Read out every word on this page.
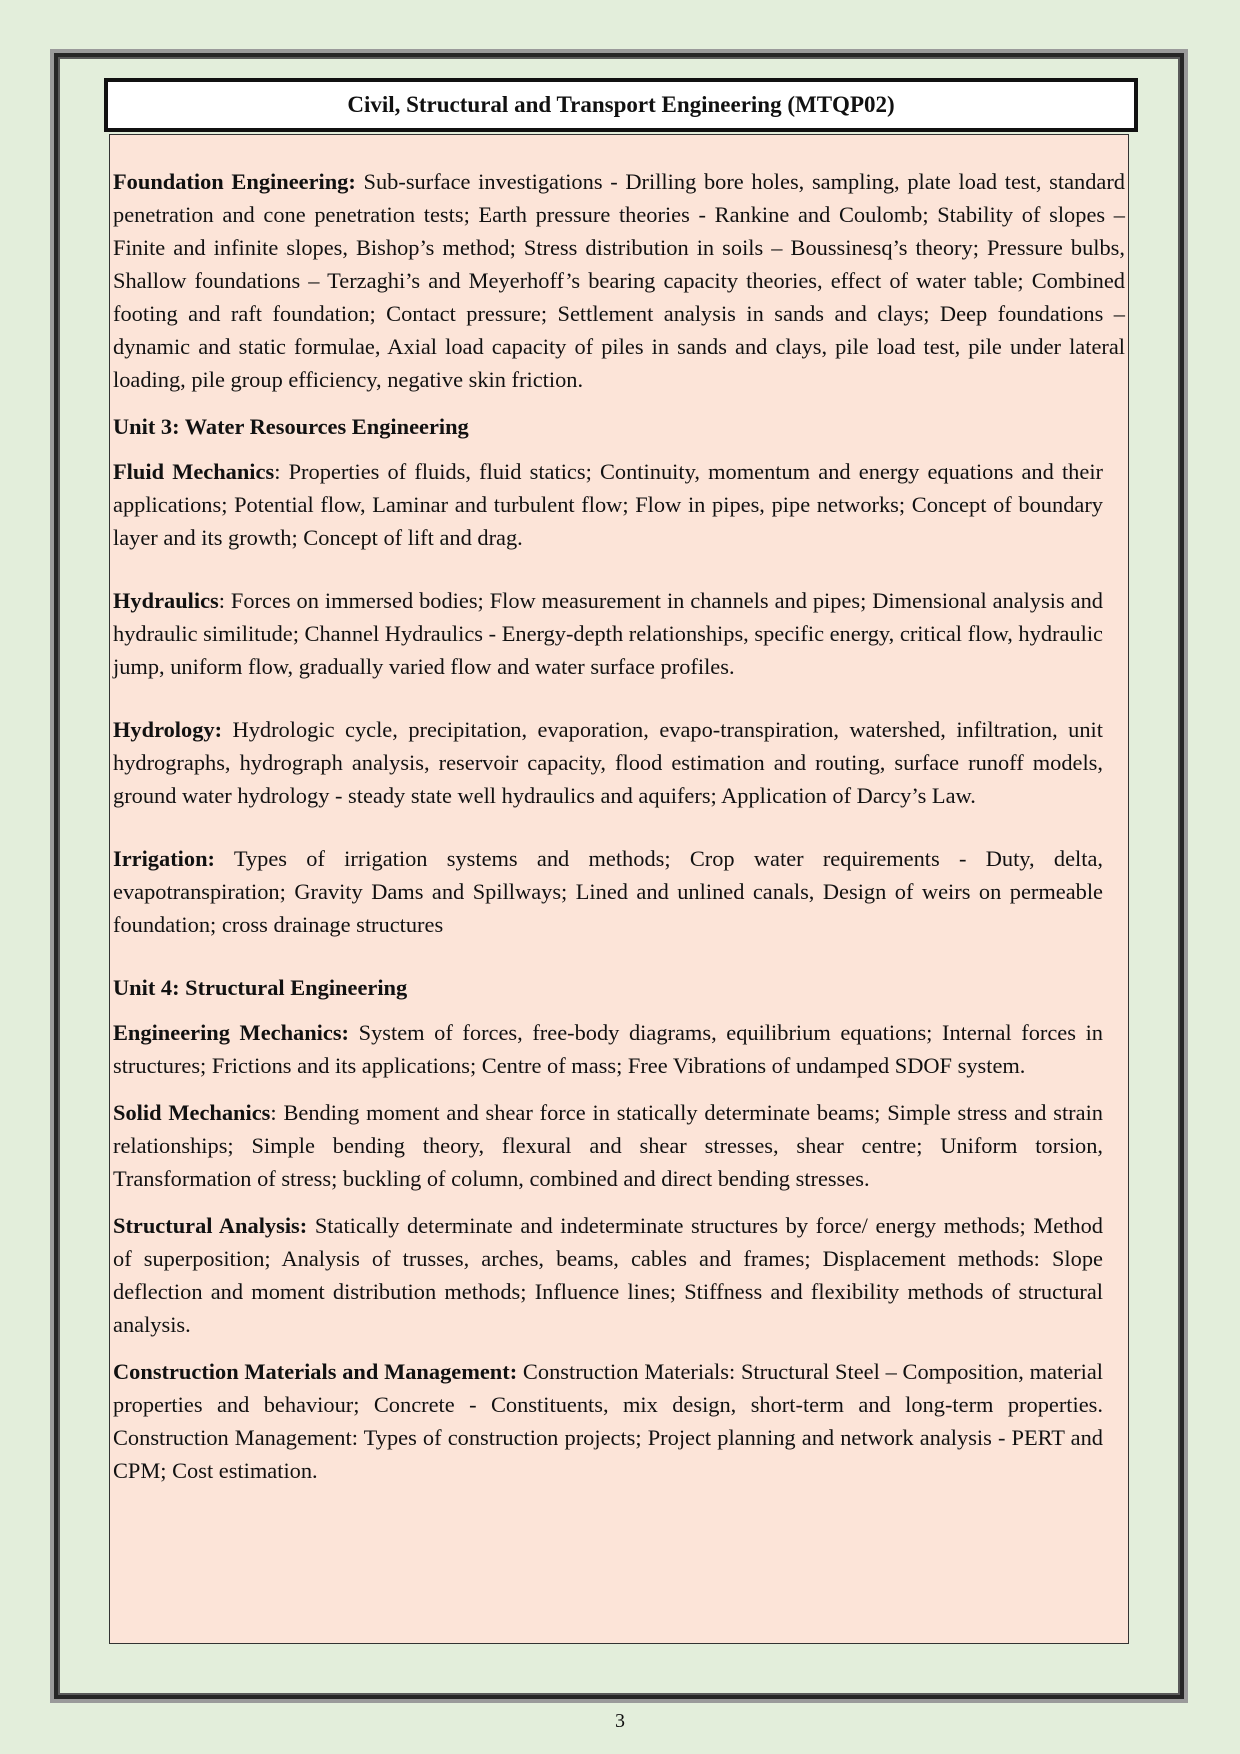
Civil, Structural and Transport Engineering (MTQP02)

Foundation Engineering: Sub-surface investigations - Drilling bore holes, sampling, plate load test, standard penetration and cone penetration tests; Earth pressure theories - Rankine and Coulomb; Stability of slopes – Finite and infinite slopes, Bishop’s method; Stress distribution in soils – Boussinesq’s theory; Pressure bulbs, Shallow foundations – Terzaghi’s and Meyerhoff’s bearing capacity theories, effect of water table; Combined footing and raft foundation; Contact pressure; Settlement analysis in sands and clays; Deep foundations – dynamic and static formulae, Axial load capacity of piles in sands and clays, pile load test, pile under lateral loading, pile group efficiency, negative skin friction.

Unit 3: Water Resources Engineering

Fluid Mechanics: Properties of fluids, fluid statics; Continuity, momentum and energy equations and their applications; Potential flow, Laminar and turbulent flow; Flow in pipes, pipe networks; Concept of boundary layer and its growth; Concept of lift and drag.

Hydraulics: Forces on immersed bodies; Flow measurement in channels and pipes; Dimensional analysis and hydraulic similitude; Channel Hydraulics - Energy-depth relationships, specific energy, critical flow, hydraulic jump, uniform flow, gradually varied flow and water surface profiles.

Hydrology: Hydrologic cycle, precipitation, evaporation, evapo-transpiration, watershed, infiltration, unit hydrographs, hydrograph analysis, reservoir capacity, flood estimation and routing, surface runoff models, ground water hydrology - steady state well hydraulics and aquifers; Application of Darcy’s Law.

Irrigation: Types of irrigation systems and methods; Crop water requirements - Duty, delta, evapotranspiration; Gravity Dams and Spillways; Lined and unlined canals, Design of weirs on permeable foundation; cross drainage structures

Unit 4: Structural Engineering

Engineering Mechanics: System of forces, free-body diagrams, equilibrium equations; Internal forces in structures; Frictions and its applications; Centre of mass; Free Vibrations of undamped SDOF system.

Solid Mechanics: Bending moment and shear force in statically determinate beams; Simple stress and strain relationships; Simple bending theory, flexural and shear stresses, shear centre; Uniform torsion, Transformation of stress; buckling of column, combined and direct bending stresses.

Structural Analysis: Statically determinate and indeterminate structures by force/ energy methods; Method of superposition; Analysis of trusses, arches, beams, cables and frames; Displacement methods: Slope deflection and moment distribution methods; Influence lines; Stiffness and flexibility methods of structural analysis.

Construction Materials and Management: Construction Materials: Structural Steel – Composition, material properties and behaviour; Concrete - Constituents, mix design, short-term and long-term properties. Construction Management: Types of construction projects; Project planning and network analysis - PERT and CPM; Cost estimation.

3
